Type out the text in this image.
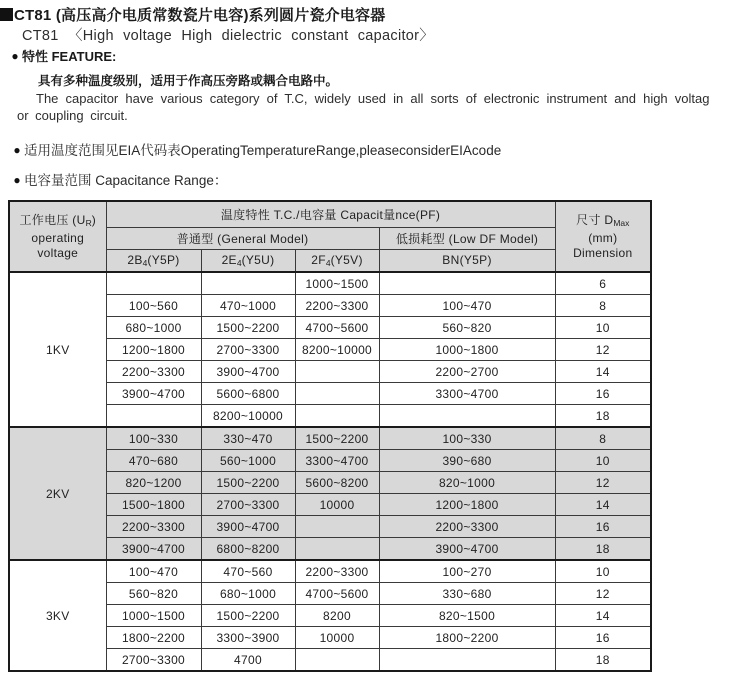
CT81 (高压高介电质常数瓷片电容)系列圆片瓷介电容器
CT81 〈High voltage High dielectric constant capacitor〉
● 特性 FEATURE:
具有多种温度级别，适用于作高压旁路或耦合电路中。
The capacitor have various category of T.C, widely used in all sorts of electronic instrument and high voltag
or coupling circuit.
● 适用温度范围见EIA代码表OperatingTemperatureRange,pleaseconsiderEIAcode
● 电容量范围 Capacitance Range：
工作电压 $(U_R)$
operating
voltage
	温度特性 T.C./电容量 Capacit量nce(PF)	尺寸 $D_{Max}$
(mm)
Dimension

	普通型 (General Model)			低损耗型 (Low DF Model)	
	$2B_4(Y5P)$	$2E_4(Y5U)$	$2F_4(Y5V)$	BN(Y5P)	
1KV			1000~1500		6
	100~560	470~1000	2200~3300	100~470	8
	680~1000	1500~2200	4700~5600	560~820	10
	1200~1800	2700~3300	8200~10000	1000~1800	12
	2200~3300	3900~4700		2200~2700	14
	3900~4700	5600~6800		3300~4700	16
		8200~10000			18
2KV	100~330	330~470	1500~2200	100~330	8
	470~680	560~1000	3300~4700	390~680	10
	820~1200	1500~2200	5600~8200	820~1000	12
	1500~1800	2700~3300	10000	1200~1800	14
	2200~3300	3900~4700		2200~3300	16
	3900~4700	6800~8200		3900~4700	18
3KV	100~470	470~560	2200~3300	100~270	10
	560~820	680~1000	4700~5600	330~680	12
	1000~1500	1500~2200	8200	820~1500	14
	1800~2200	3300~3900	10000	1800~2200	16
	2700~3300	4700			18
